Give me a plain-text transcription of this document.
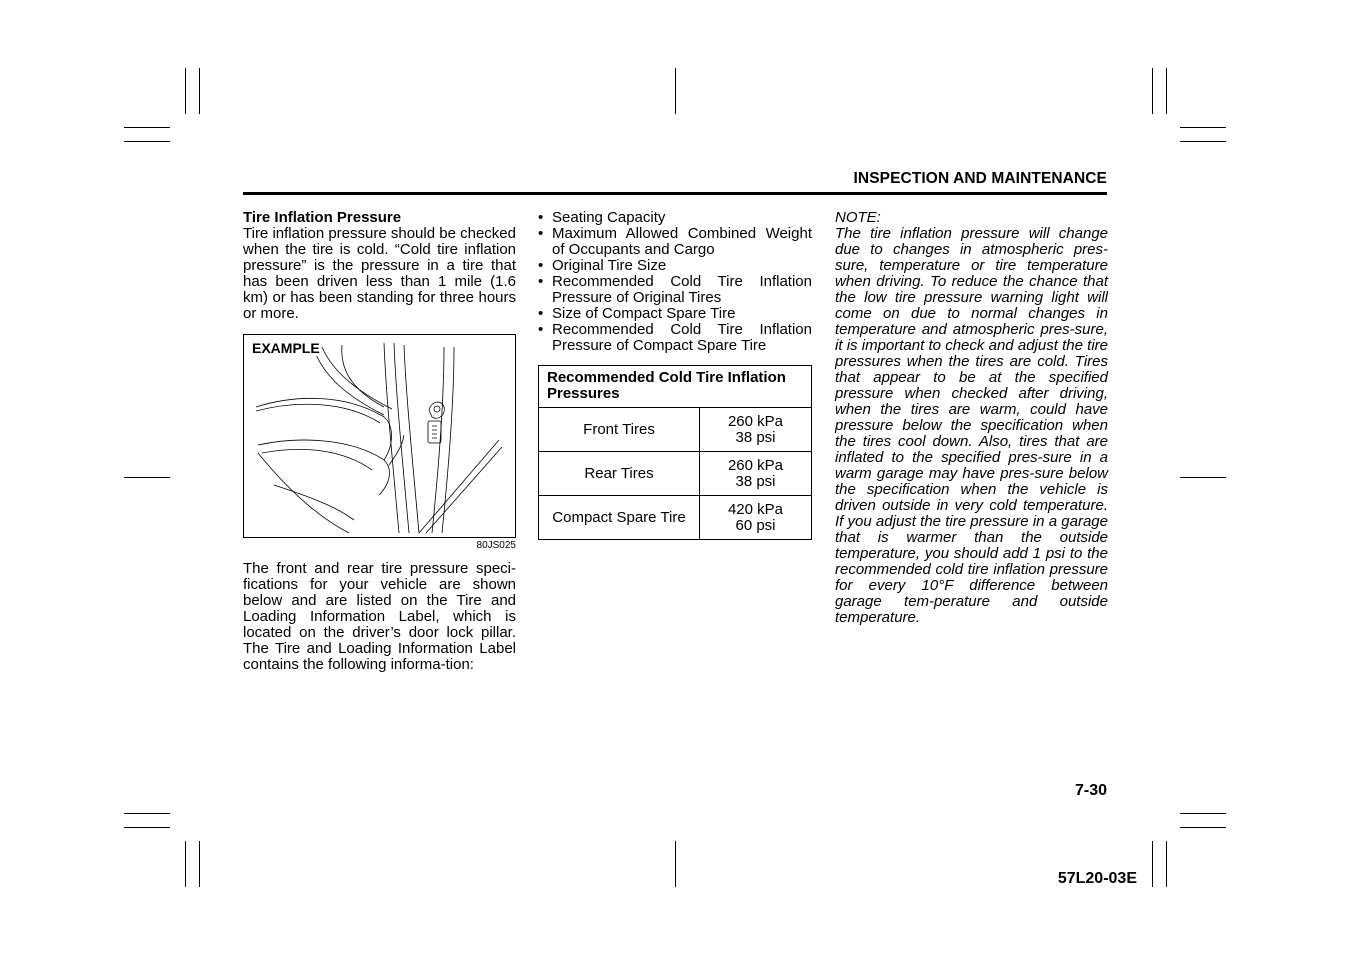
INSPECTION AND MAINTENANCE
Tire Inflation Pressure
Tire inflation pressure should be checked when the tire is cold. “Cold tire inflation pressure” is the pressure in a tire that has been driven less than 1 mile (1.6 km) or has been standing for three hours or more.
EXAMPLE
80JS025
The front and rear tire pressure speci-fications for your vehicle are shown below and are listed on the Tire and Loading Information Label, which is located on the driver’s door lock pillar. The Tire and Loading Information Label contains the following informa-tion:
• Seating Capacity
• Maximum Allowed Combined Weight of Occupants and Cargo
• Original Tire Size
• Recommended Cold Tire Inflation Pressure of Original Tires
• Size of Compact Spare Tire
• Recommended Cold Tire Inflation Pressure of Compact Spare Tire
Recommended Cold Tire Inflation Pressures	
Front Tires	260 kPa
38 psi

Rear Tires	260 kPa
38 psi

Compact Spare Tire	420 kPa
60 psi
NOTE:
The tire inflation pressure will change due to changes in atmospheric pres-sure, temperature or tire temperature when driving. To reduce the chance that the low tire pressure warning light will come on due to normal changes in temperature and atmospheric pres-sure, it is important to check and adjust the tire pressures when the tires are cold. Tires that appear to be at the specified pressure when checked after driving, when the tires are warm, could have pressure below the specification when the tires cool down. Also, tires that are inflated to the specified pres-sure in a warm garage may have pres-sure below the specification when the vehicle is driven outside in very cold temperature. If you adjust the tire pressure in a garage that is warmer than the outside temperature, you should add 1 psi to the recommended cold tire inflation pressure for every 10°F difference between garage tem-perature and outside temperature.
7-30
57L20-03E
